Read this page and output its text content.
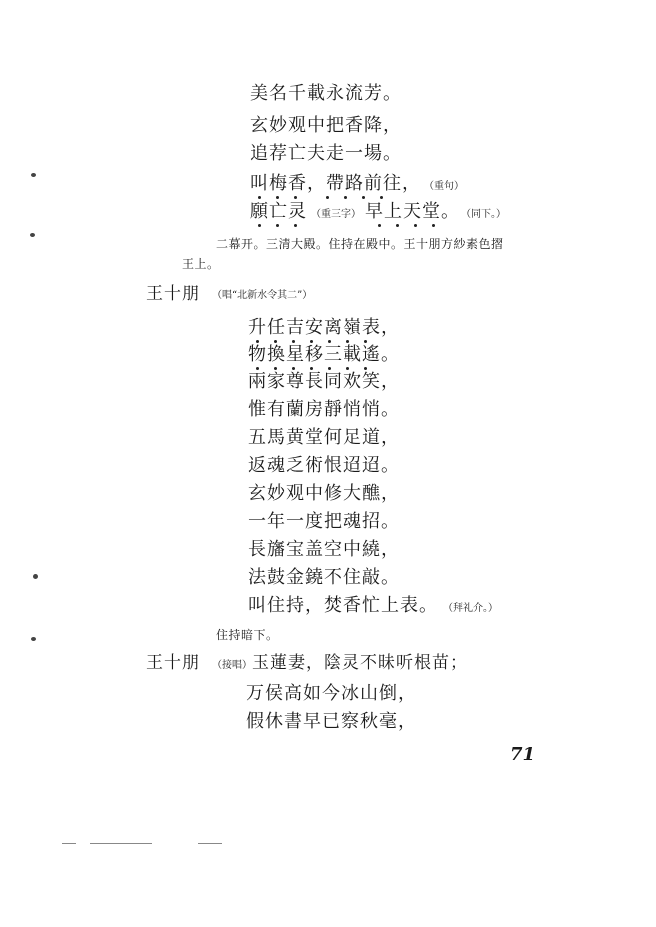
美名千載永流芳。
玄妙观中把香降，
追荐亡夫走一場。
叫梅香，帶路前往， （重句）
願亡灵 （重三字） 早上天堂。 （同下。）
二幕开。三清大殿。住持在殿中。王十朋方紗素色摺
王上。
王十朋 （唱“北新水令其二”）
升任吉安离嶺表，
物換星移三載遙。
兩家尊長同欢笑，
惟有蘭房靜悄悄。
五馬黄堂何足道，
返魂乏術恨迢迢。
玄妙观中修大醮，
一年一度把魂招。
長旛宝盖空中繞，
法鼓金鐃不住敲。
叫住持，焚香忙上表。 （拜礼介。）
住持暗下。
王十朋 （接唱）玉蓮妻，陰灵不昧听根苗；
万侯高如今冰山倒，
假休書早已察秋毫，
71
